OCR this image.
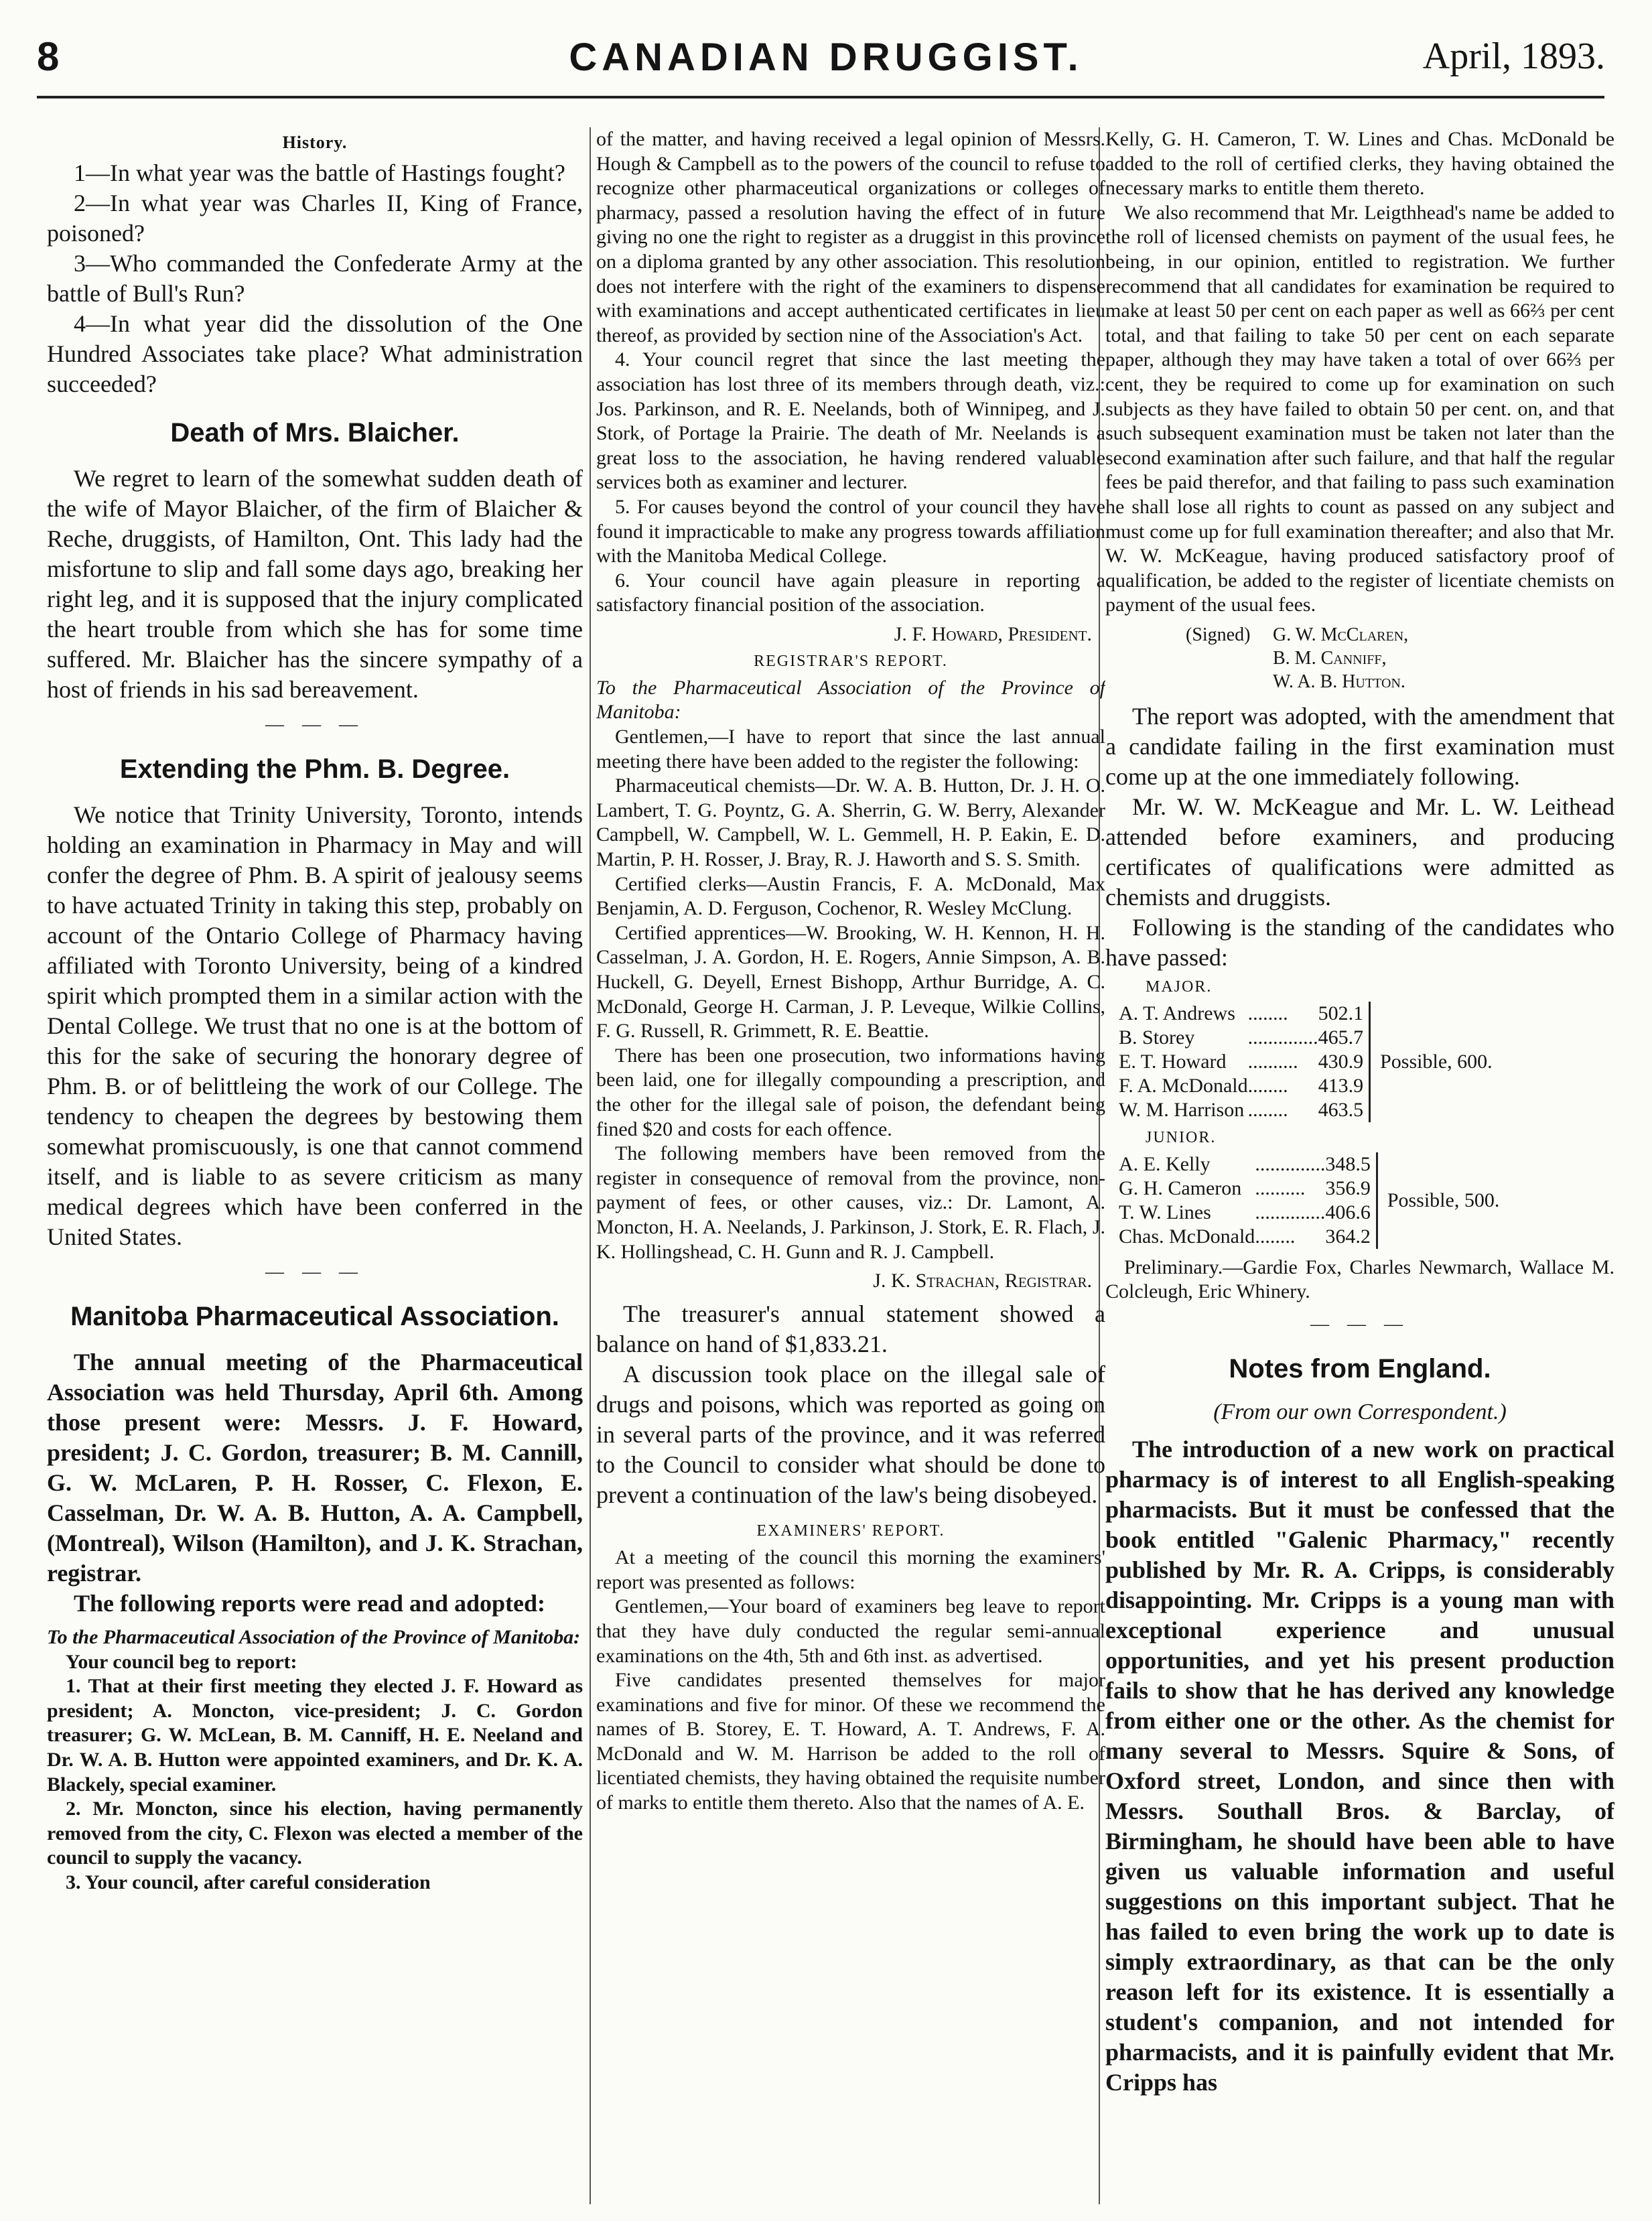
8	CANADIAN DRUGGIST.	April, 1893.
History.

1—In what year was the battle of Hastings fought?

2—In what year was Charles II, King of France, poisoned?

3—Who commanded the Confederate Army at the battle of Bull's Run?

4—In what year did the dissolution of the One Hundred Associates take place? What administration succeeded?

Death of Mrs. Blaicher.

We regret to learn of the somewhat sudden death of the wife of Mayor Blaicher, of the firm of Blaicher & Reche, druggists, of Hamilton, Ont. This lady had the misfortune to slip and fall some days ago, breaking her right leg, and it is supposed that the injury complicated the heart trouble from which she has for some time suffered. Mr. Blaicher has the sincere sympathy of a host of friends in his sad bereavement.

— — —
Extending the Phm. B. Degree.

We notice that Trinity University, Toronto, intends holding an examination in Pharmacy in May and will confer the degree of Phm. B. A spirit of jealousy seems to have actuated Trinity in taking this step, probably on account of the Ontario College of Pharmacy having affiliated with Toronto University, being of a kindred spirit which prompted them in a similar action with the Dental College. We trust that no one is at the bottom of this for the sake of securing the honorary degree of Phm. B. or of belittleing the work of our College. The tendency to cheapen the degrees by bestowing them somewhat promiscuously, is one that cannot commend itself, and is liable to as severe criticism as many medical degrees which have been conferred in the United States.

— — —
Manitoba Pharmaceutical Association.

The annual meeting of the Pharmaceutical Association was held Thursday, April 6th. Among those present were: Messrs. J. F. Howard, president; J. C. Gordon, treasurer; B. M. Cannill, G. W. McLaren, P. H. Rosser, C. Flexon, E. Casselman, Dr. W. A. B. Hutton, A. A. Campbell, (Montreal), Wilson (Hamilton), and J. K. Strachan, registrar.

The following reports were read and adopted:

To the Pharmaceutical Association of the Province of Manitoba:
Your council beg to report:
1. That at their first meeting they elected J. F. Howard as president; A. Moncton, vice-president; J. C. Gordon treasurer; G. W. McLean, B. M. Canniff, H. E. Neeland and Dr. W. A. B. Hutton were appointed examiners, and Dr. K. A. Blackely, special examiner.
2. Mr. Moncton, since his election, having permanently removed from the city, C. Flexon was elected a member of the council to supply the vacancy.
3. Your council, after careful consideration
of the matter, and having received a legal opinion of Messrs. Hough & Campbell as to the powers of the council to refuse to recognize other pharmaceutical organizations or colleges of pharmacy, passed a resolution having the effect of in future giving no one the right to register as a druggist in this province on a diploma granted by any other association. This resolution does not interfere with the right of the examiners to dispense with examinations and accept authenticated certificates in lieu thereof, as provided by section nine of the Association's Act.
4. Your council regret that since the last meeting the association has lost three of its members through death, viz.: Jos. Parkinson, and R. E. Neelands, both of Winnipeg, and J. Stork, of Portage la Prairie. The death of Mr. Neelands is a great loss to the association, he having rendered valuable services both as examiner and lecturer.
5. For causes beyond the control of your council they have found it impracticable to make any progress towards affiliation with the Manitoba Medical College.
6. Your council have again pleasure in reporting a satisfactory financial position of the association.
J. F. Howard, President.
REGISTRAR'S REPORT.
To the Pharmaceutical Association of the Province of Manitoba:
Gentlemen,—I have to report that since the last annual meeting there have been added to the register the following:
Pharmaceutical chemists—Dr. W. A. B. Hutton, Dr. J. H. O. Lambert, T. G. Poyntz, G. A. Sherrin, G. W. Berry, Alexander Campbell, W. Campbell, W. L. Gemmell, H. P. Eakin, E. D. Martin, P. H. Rosser, J. Bray, R. J. Haworth and S. S. Smith.
Certified clerks—Austin Francis, F. A. McDonald, Max Benjamin, A. D. Ferguson, Cochenor, R. Wesley McClung.
Certified apprentices—W. Brooking, W. H. Kennon, H. H. Casselman, J. A. Gordon, H. E. Rogers, Annie Simpson, A. B. Huckell, G. Deyell, Ernest Bishopp, Arthur Burridge, A. C. McDonald, George H. Carman, J. P. Leveque, Wilkie Collins, F. G. Russell, R. Grimmett, R. E. Beattie.
There has been one prosecution, two informations having been laid, one for illegally compounding a prescription, and the other for the illegal sale of poison, the defendant being fined $20 and costs for each offence.
The following members have been removed from the register in consequence of removal from the province, non-payment of fees, or other causes, viz.: Dr. Lamont, A. Moncton, H. A. Neelands, J. Parkinson, J. Stork, E. R. Flach, J. K. Hollingshead, C. H. Gunn and R. J. Campbell.
J. K. Strachan, Registrar.
The treasurer's annual statement showed a balance on hand of $1,833.21.
A discussion took place on the illegal sale of drugs and poisons, which was reported as going on in several parts of the province, and it was referred to the Council to consider what should be done to prevent a continuation of the law's being disobeyed.
EXAMINERS' REPORT.
At a meeting of the council this morning the examiners' report was presented as follows:
Gentlemen,—Your board of examiners beg leave to report that they have duly conducted the regular semi-annual examinations on the 4th, 5th and 6th inst. as advertised.
Five candidates presented themselves for major examinations and five for minor. Of these we recommend the names of B. Storey, E. T. Howard, A. T. Andrews, F. A. McDonald and W. M. Harrison be added to the roll of licentiated chemists, they having obtained the requisite number of marks to entitle them thereto. Also that the names of A. E.
Kelly, G. H. Cameron, T. W. Lines and Chas. McDonald be added to the roll of certified clerks, they having obtained the necessary marks to entitle them thereto.
We also recommend that Mr. Leigthhead's name be added to the roll of licensed chemists on payment of the usual fees, he being, in our opinion, entitled to registration. We further recommend that all candidates for examination be required to make at least 50 per cent on each paper as well as 66⅔ per cent total, and that failing to take 50 per cent on each separate paper, although they may have taken a total of over 66⅔ per cent, they be required to come up for examination on such subjects as they have failed to obtain 50 per cent. on, and that such subsequent examination must be taken not later than the second examination after such failure, and that half the regular fees be paid therefor, and that failing to pass such examination he shall lose all rights to count as passed on any subject and must come up for full examination thereafter; and also that Mr. W. W. McKeague, having produced satisfactory proof of qualification, be added to the register of licentiate chemists on payment of the usual fees.
(Signed)	G. W. McClaren,
B. M. Canniff,
W. A. B. Hutton.
The report was adopted, with the amendment that a candidate failing in the first examination must come up at the one immediately following.
Mr. W. W. McKeague and Mr. L. W. Leithead attended before examiners, and producing certificates of qualifications were admitted as chemists and druggists.
Following is the standing of the candidates who have passed:
MAJOR.
A. T. Andrews	........	502.1	Possible, 600.
B. Storey	..............	465.7	
E. T. Howard	..........	430.9	
F. A. McDonald	........	413.9	
W. M. Harrison	........	463.5	
JUNIOR.
A. E. Kelly	..............	348.5	Possible, 500.
G. H. Cameron	..........	356.9	
T. W. Lines	..............	406.6	
Chas. McDonald	........	364.2	
Preliminary.—Gardie Fox, Charles Newmarch, Wallace M. Colcleugh, Eric Whinery.
— — —
Notes from England.
(From our own Correspondent.)
The introduction of a new work on practical pharmacy is of interest to all English-speaking pharmacists. But it must be confessed that the book entitled "Galenic Pharmacy," recently published by Mr. R. A. Cripps, is considerably disappointing. Mr. Cripps is a young man with exceptional experience and unusual opportunities, and yet his present production fails to show that he has derived any knowledge from either one or the other. As the chemist for many several to Messrs. Squire & Sons, of Oxford street, London, and since then with Messrs. Southall Bros. & Barclay, of Birmingham, he should have been able to have given us valuable information and useful suggestions on this important subject. That he has failed to even bring the work up to date is simply extraordinary, as that can be the only reason left for its existence. It is essentially a student's companion, and not intended for pharmacists, and it is painfully evident that Mr. Cripps has
